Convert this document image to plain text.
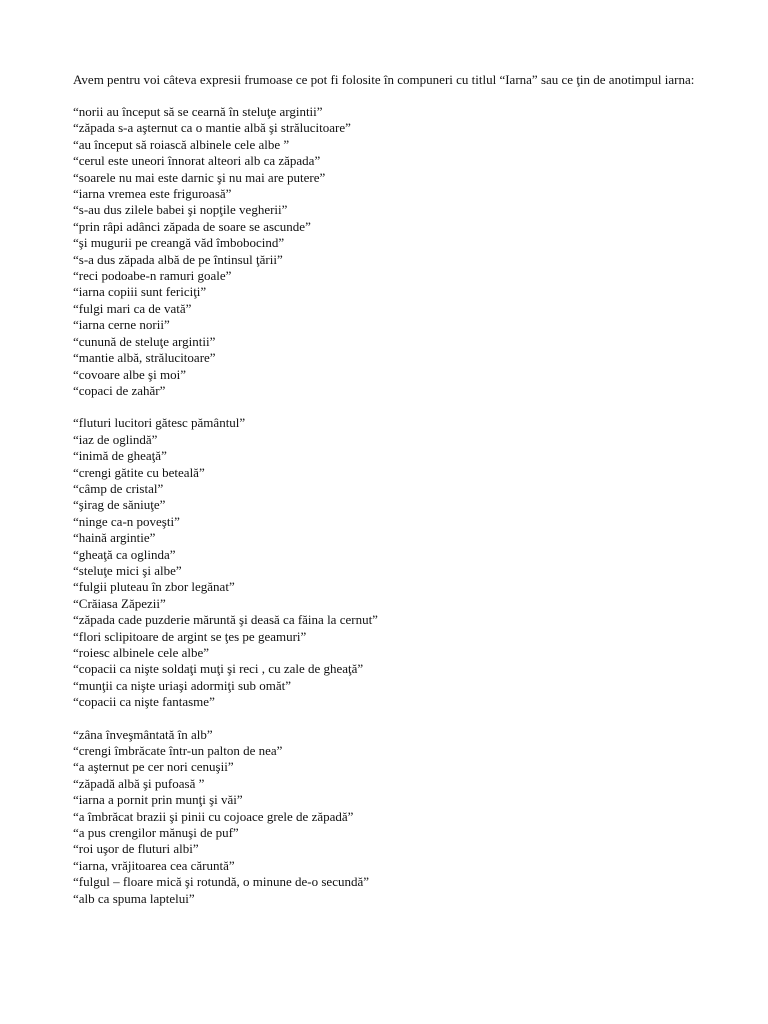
Avem pentru voi câteva expresii frumoase ce pot fi folosite în compuneri cu titlul “Iarna” sau ce ţin de anotimpul iarna:

“norii au început să se cearnă în steluţe argintii”
“zăpada s-a aşternut ca o mantie albă şi strălucitoare”
“au început să roiască albinele cele albe ”
“cerul este uneori înnorat alteori alb ca zăpada”
“soarele nu mai este darnic şi nu mai are putere”
“iarna vremea este friguroasă”
“s-au dus zilele babei şi nopţile vegherii”
“prin râpi adânci zăpada de soare se ascunde”
“şi mugurii pe creangă văd îmbobocind”
“s-a dus zăpada albă de pe întinsul ţării”
“reci podoabe-n ramuri goale”
“iarna copiii sunt fericiţi”
“fulgi mari ca de vată”
“iarna cerne norii”
“cunună de steluţe argintii”
“mantie albă, strălucitoare”
“covoare albe şi moi”
“copaci de zahăr”
“fluturi lucitori gătesc pământul”
“iaz de oglindă”
“inimă de gheaţă”
“crengi gătite cu beteală”
“câmp de cristal”
“şirag de săniuţe”
“ninge ca-n poveşti”
“haină argintie”
“gheaţă ca oglinda”
“steluţe mici şi albe”
“fulgii pluteau în zbor legănat”
“Crăiasa Zăpezii”
“zăpada cade puzderie măruntă şi deasă ca făina la cernut”
“flori sclipitoare de argint se ţes pe geamuri”
“roiesc albinele cele albe”
“copacii ca nişte soldaţi muţi şi reci , cu zale de gheaţă”
“munţii ca nişte uriaşi adormiţi sub omăt”
“copacii ca nişte fantasme”
“zâna înveşmântată în alb”
“crengi îmbrăcate într-un palton de nea”
“a aşternut pe cer nori cenuşii”
“zăpadă albă şi pufoasă ”
“iarna a pornit prin munţi şi văi”
“a îmbrăcat brazii şi pinii cu cojoace grele de zăpadă”
“a pus crengilor mănuşi de puf”
“roi uşor de fluturi albi”
“iarna, vrăjitoarea cea căruntă”
“fulgul – floare mică şi rotundă, o minune de-o secundă”
“alb ca spuma laptelui”
